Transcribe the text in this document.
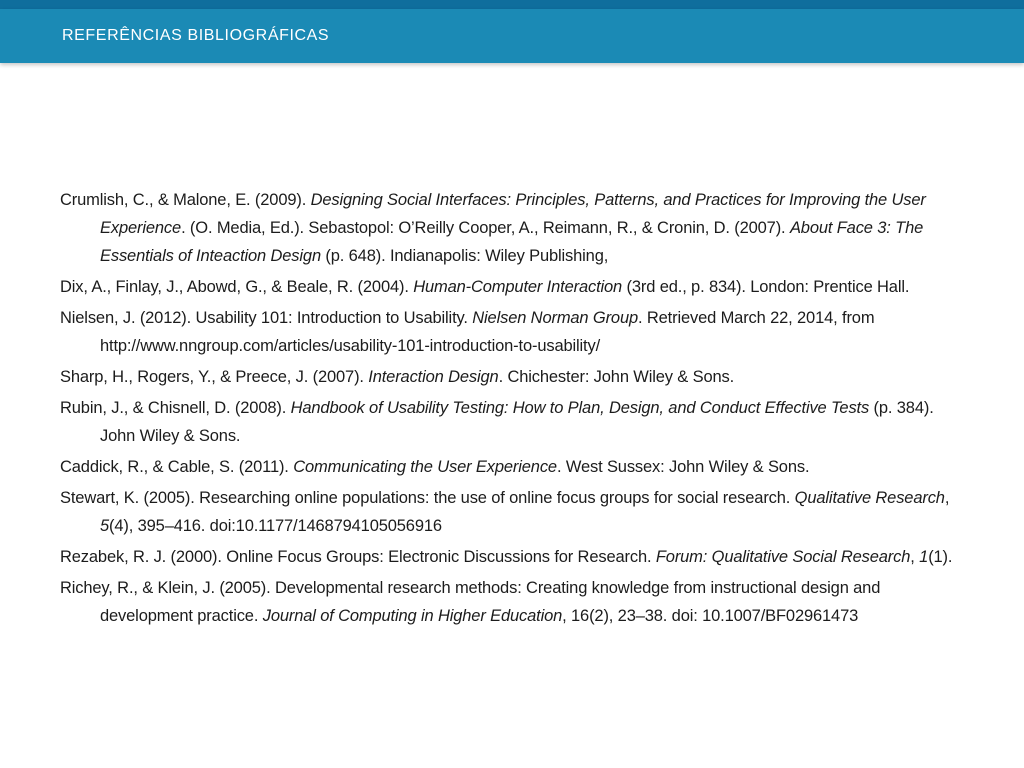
REFERÊNCIAS BIBLIOGRÁFICAS

Crumlish, C., & Malone, E. (2009). Designing Social Interfaces: Principles, Patterns, and Practices for Improving the User Experience. (O. Media, Ed.). Sebastopol: O’Reilly Cooper, A., Reimann, R., & Cronin, D. (2007). About Face 3: The Essentials of Inteaction Design (p. 648). Indianapolis: Wiley Publishing,

Dix, A., Finlay, J., Abowd, G., & Beale, R. (2004). Human-Computer Interaction (3rd ed., p. 834). London: Prentice Hall.

Nielsen, J. (2012). Usability 101: Introduction to Usability. Nielsen Norman Group. Retrieved March 22, 2014, from http://www.nngroup.com/articles/usability-101-introduction-to-usability/

Sharp, H., Rogers, Y., & Preece, J. (2007). Interaction Design. Chichester: John Wiley & Sons.

Rubin, J., & Chisnell, D. (2008). Handbook of Usability Testing: How to Plan, Design, and Conduct Effective Tests (p. 384). John Wiley & Sons.

Caddick, R., & Cable, S. (2011). Communicating the User Experience. West Sussex: John Wiley & Sons.

Stewart, K. (2005). Researching online populations: the use of online focus groups for social research. Qualitative Research, 5(4), 395–416. doi:10.1177/1468794105056916

Rezabek, R. J. (2000). Online Focus Groups: Electronic Discussions for Research. Forum: Qualitative Social Research, 1(1).

Richey, R., & Klein, J. (2005). Developmental research methods: Creating knowledge from instructional design and development practice. Journal of Computing in Higher Education, 16(2), 23–38. doi: 10.1007/BF02961473
